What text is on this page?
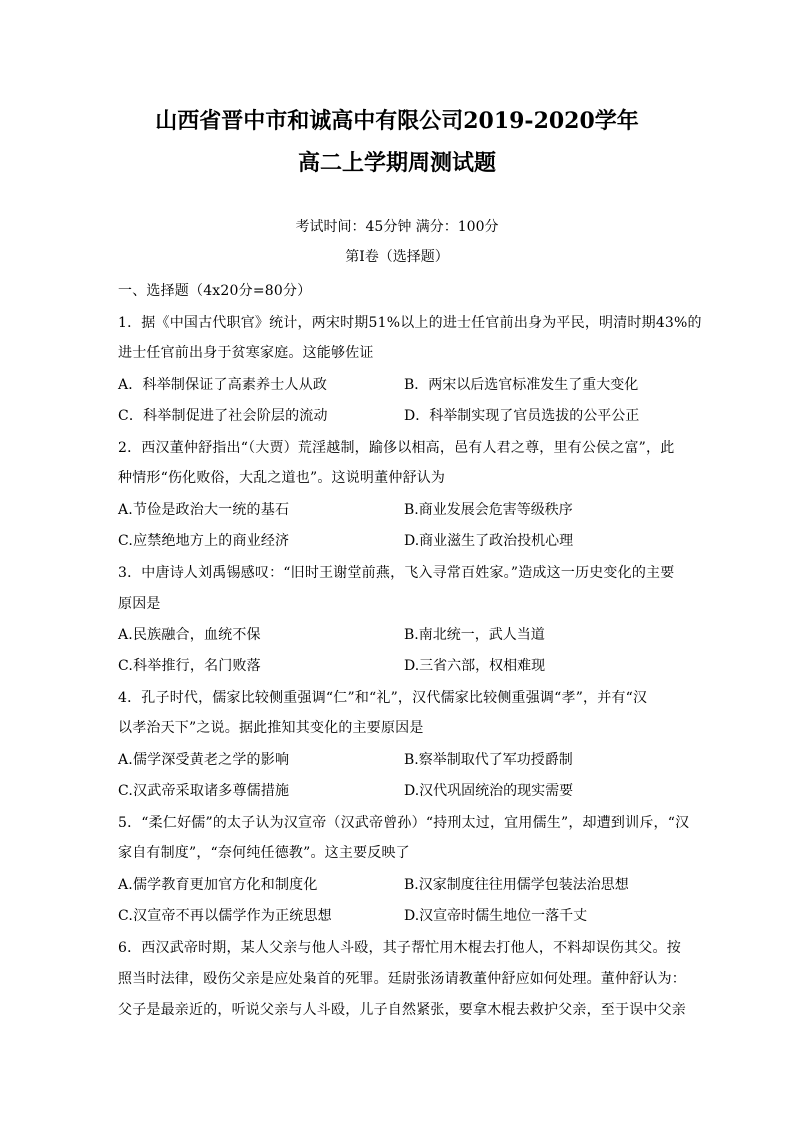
山西省晋中市和诚高中有限公司2019-2020学年
高二上学期周测试题
考试时间：45分钟 满分：100分
第Ⅰ卷（选择题）
一、选择题（4x20分=80分）
1．据《中国古代职官》统计，两宋时期51%以上的进士任官前出身为平民，明清时期43%的
进士任官前出身于贫寒家庭。这能够佐证
A．科举制保证了高素养士人从政	B．两宋以后选官标准发生了重大变化
C．科举制促进了社会阶层的流动	D．科举制实现了官员选拔的公平公正
2．西汉董仲舒指出“（大贾）荒淫越制，踰侈以相高，邑有人君之尊，里有公侯之富”，此
种情形“伤化败俗，大乱之道也”。这说明董仲舒认为
A.节俭是政治大一统的基石	B.商业发展会危害等级秩序
C.应禁绝地方上的商业经济	D.商业滋生了政治投机心理
3．中唐诗人刘禹锡感叹：“旧时王谢堂前燕，飞入寻常百姓家。”造成这一历史变化的主要
原因是
A.民族融合，血统不保	B.南北统一，武人当道
C.科举推行，名门败落	D.三省六部，权相难现
4．孔子时代，儒家比较侧重强调“仁”和“礼”，汉代儒家比较侧重强调“孝”，并有“汉
以孝治天下”之说。据此推知其变化的主要原因是
A.儒学深受黄老之学的影响	B.察举制取代了军功授爵制
C.汉武帝采取诸多尊儒措施	D.汉代巩固统治的现实需要
5．“柔仁好儒”的太子认为汉宣帝（汉武帝曾孙）“持刑太过，宜用儒生”，却遭到训斥，“汉
家自有制度”，“奈何纯任德教”。这主要反映了
A.儒学教育更加官方化和制度化	B.汉家制度往往用儒学包装法治思想
C.汉宣帝不再以儒学作为正统思想	D.汉宣帝时儒生地位一落千丈
6．西汉武帝时期，某人父亲与他人斗殴，其子帮忙用木棍去打他人，不料却误伤其父。按
照当时法律，殴伤父亲是应处枭首的死罪。廷尉张汤请教董仲舒应如何处理。董仲舒认为：
父子是最亲近的，听说父亲与人斗殴，儿子自然紧张，要拿木棍去救护父亲，至于误中父亲
